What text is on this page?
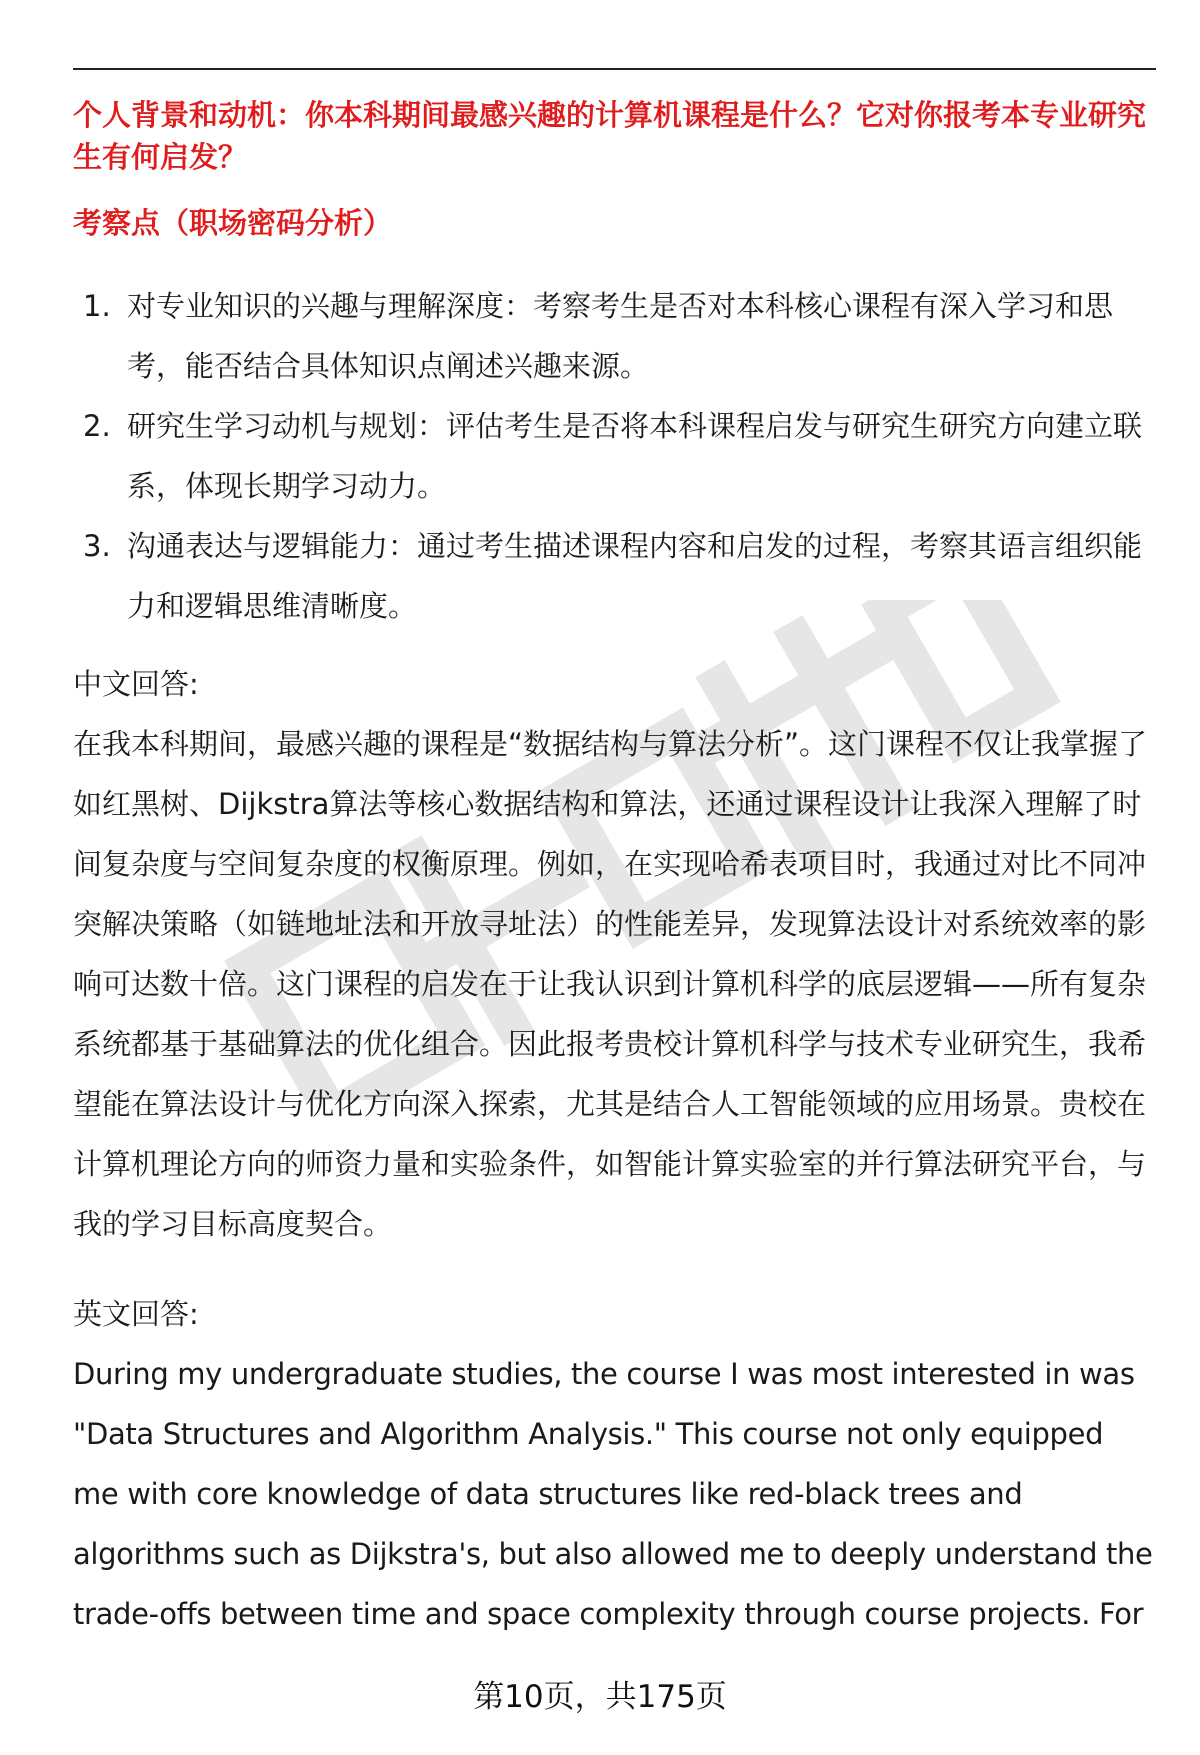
个人背景和动机：你本科期间最感兴趣的计算机课程是什么？它对你报考本专业研究生有何启发？

考察点（职场密码分析）

1. 对专业知识的兴趣与理解深度：考察考生是否对本科核心课程有深入学习和思考，能否结合具体知识点阐述兴趣来源。
2. 研究生学习动机与规划：评估考生是否将本科课程启发与研究生研究方向建立联系，体现长期学习动力。
3. 沟通表达与逻辑能力：通过考生描述课程内容和启发的过程，考察其语言组织能力和逻辑思维清晰度。

中文回答:

在我本科期间，最感兴趣的课程是“数据结构与算法分析”。这门课程不仅让我掌握了如红黑树、Dijkstra算法等核心数据结构和算法，还通过课程设计让我深入理解了时间复杂度与空间复杂度的权衡原理。例如，在实现哈希表项目时，我通过对比不同冲突解决策略（如链地址法和开放寻址法）的性能差异，发现算法设计对系统效率的影响可达数十倍。这门课程的启发在于让我认识到计算机科学的底层逻辑——所有复杂系统都基于基础算法的优化组合。因此报考贵校计算机科学与技术专业研究生，我希望能在算法设计与优化方向深入探索，尤其是结合人工智能领域的应用场景。贵校在计算机理论方向的师资力量和实验条件，如智能计算实验室的并行算法研究平台，与我的学习目标高度契合。

英文回答:

During my undergraduate studies, the course I was most interested in was "Data Structures and Algorithm Analysis." This course not only equipped me with core knowledge of data structures like red-black trees and algorithms such as Dijkstra's, but also allowed me to deeply understand the trade-offs between time and space complexity through course projects. For

第10页，共175页
